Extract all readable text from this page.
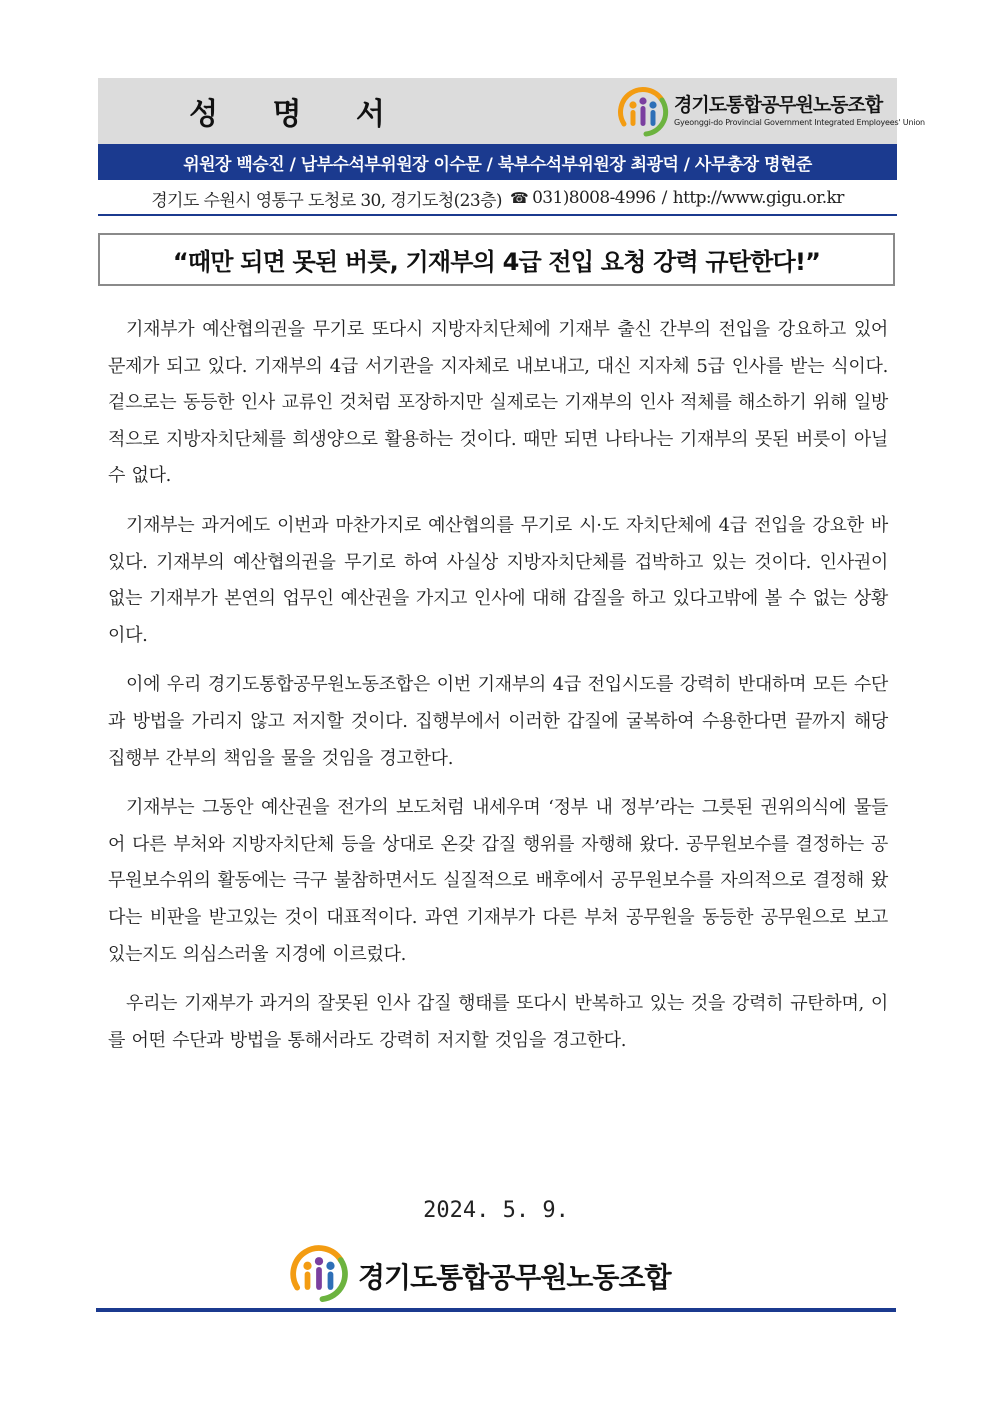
성 명 서	경기도통합공무원노동조합
Gyeonggi-do Provincial Government Integrated Employees' Union
위원장 백승진 / 남부수석부위원장 이수문 / 북부수석부위원장 최광덕 / 사무총장 명현준
경기도 수원시 영통구 도청로 30, 경기도청(23층) ☎ 031)8008-4996 / http://www.gigu.or.kr
“때만 되면 못된 버릇, 기재부의 4급 전입 요청 강력 규탄한다!”

기재부가 예산협의권을 무기로 또다시 지방자치단체에 기재부 출신 간부의 전입을 강요하고 있어 문제가 되고 있다. 기재부의 4급 서기관을 지자체로 내보내고, 대신 지자체 5급 인사를 받는 식이다. 겉으로는 동등한 인사 교류인 것처럼 포장하지만 실제로는 기재부의 인사 적체를 해소하기 위해 일방적으로 지방자치단체를 희생양으로 활용하는 것이다. 때만 되면 나타나는 기재부의 못된 버릇이 아닐 수 없다.

기재부는 과거에도 이번과 마찬가지로 예산협의를 무기로 시·도 자치단체에 4급 전입을 강요한 바 있다. 기재부의 예산협의권을 무기로 하여 사실상 지방자치단체를 겁박하고 있는 것이다. 인사권이 없는 기재부가 본연의 업무인 예산권을 가지고 인사에 대해 갑질을 하고 있다고밖에 볼 수 없는 상황이다.

이에 우리 경기도통합공무원노동조합은 이번 기재부의 4급 전입시도를 강력히 반대하며 모든 수단과 방법을 가리지 않고 저지할 것이다. 집행부에서 이러한 갑질에 굴복하여 수용한다면 끝까지 해당 집행부 간부의 책임을 물을 것임을 경고한다.

기재부는 그동안 예산권을 전가의 보도처럼 내세우며 ‘정부 내 정부’라는 그릇된 권위의식에 물들어 다른 부처와 지방자치단체 등을 상대로 온갖 갑질 행위를 자행해 왔다. 공무원보수를 결정하는 공무원보수위의 활동에는 극구 불참하면서도 실질적으로 배후에서 공무원보수를 자의적으로 결정해 왔다는 비판을 받고있는 것이 대표적이다. 과연 기재부가 다른 부처 공무원을 동등한 공무원으로 보고 있는지도 의심스러울 지경에 이르렀다.

우리는 기재부가 과거의 잘못된 인사 갑질 행태를 또다시 반복하고 있는 것을 강력히 규탄하며, 이를 어떤 수단과 방법을 통해서라도 강력히 저지할 것임을 경고한다.

2024. 5. 9.
경기도통합공무원노동조합
